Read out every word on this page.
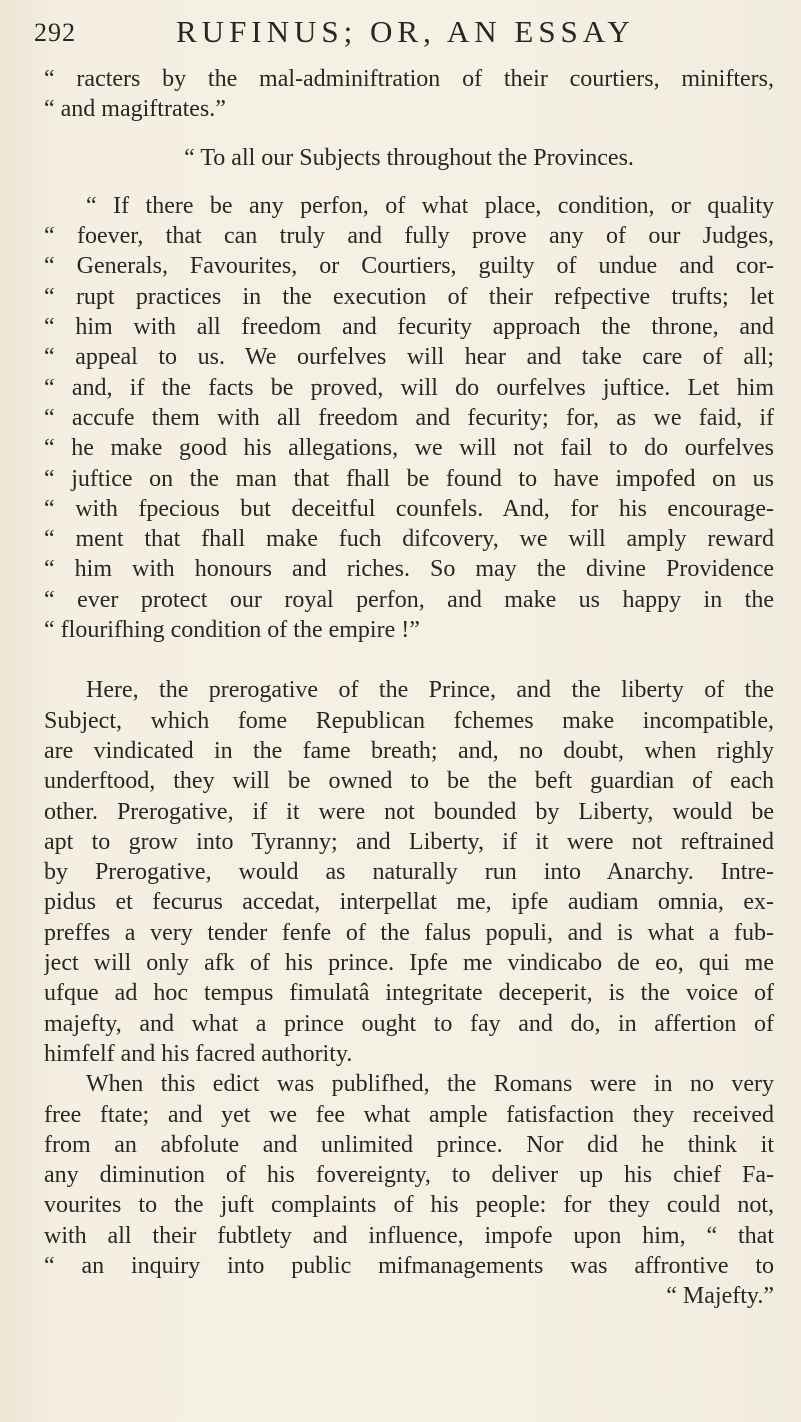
292	RUFINUS; OR, AN ESSAY
“ racters by the mal-adminiftration of their courtiers, minifters,
“ and magiftrates.”
“ To all our Subjects throughout the Provinces.
“ If there be any perfon, of what place, condition, or quality
“ foever, that can truly and fully prove any of our Judges,
“ Generals, Favourites, or Courtiers, guilty of undue and cor-
“ rupt practices in the execution of their refpective trufts; let
“ him with all freedom and fecurity approach the throne, and
“ appeal to us. We ourfelves will hear and take care of all;
“ and, if the facts be proved, will do ourfelves juftice. Let him
“ accufe them with all freedom and fecurity; for, as we faid, if
“ he make good his allegations, we will not fail to do ourfelves
“ juftice on the man that fhall be found to have impofed on us
“ with fpecious but deceitful counfels. And, for his encourage-
“ ment that fhall make fuch difcovery, we will amply reward
“ him with honours and riches. So may the divine Providence
“ ever protect our royal perfon, and make us happy in the
“ flourifhing condition of the empire !”
Here, the prerogative of the Prince, and the liberty of the
Subject, which fome Republican fchemes make incompatible,
are vindicated in the fame breath; and, no doubt, when righly
underftood, they will be owned to be the beft guardian of each
other. Prerogative, if it were not bounded by Liberty, would be
apt to grow into Tyranny; and Liberty, if it were not reftrained
by Prerogative, would as naturally run into Anarchy. Intre-
pidus et fecurus accedat, interpellat me, ipfe audiam omnia, ex-
preffes a very tender fenfe of the falus populi, and is what a fub-
ject will only afk of his prince. Ipfe me vindicabo de eo, qui me
ufque ad hoc tempus fimulatâ integritate deceperit, is the voice of
majefty, and what a prince ought to fay and do, in affertion of
himfelf and his facred authority.
When this edict was publifhed, the Romans were in no very
free ftate; and yet we fee what ample fatisfaction they received
from an abfolute and unlimited prince. Nor did he think it
any diminution of his fovereignty, to deliver up his chief Fa-
vourites to the juft complaints of his people: for they could not,
with all their fubtlety and influence, impofe upon him, “ that
“ an inquiry into public mifmanagements was affrontive to
“ Majefty.”
